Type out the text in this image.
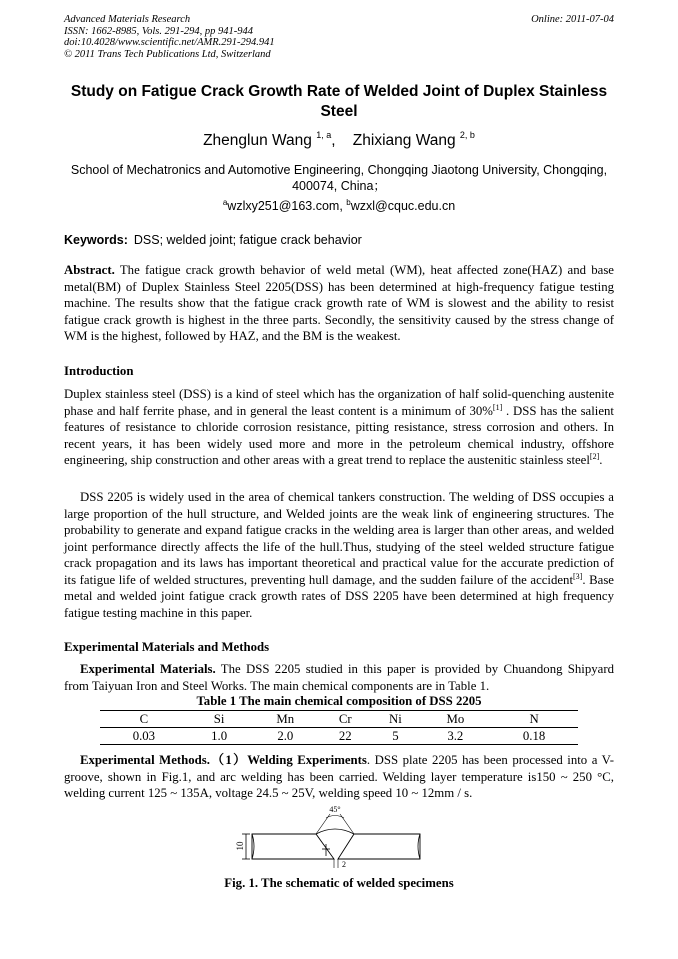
Advanced Materials Research
ISSN: 1662-8985, Vols. 291-294, pp 941-944
doi:10.4028/www.scientific.net/AMR.291-294.941
© 2011 Trans Tech Publications Ltd, Switzerland
Online: 2011-07-04
Study on Fatigue Crack Growth Rate of Welded Joint of Duplex Stainless Steel
Zhenglun Wang $^{1, a}$, Zhixiang Wang $^{2, b}$
School of Mechatronics and Automotive Engineering, Chongqing Jiaotong University, Chongqing, 400074, China；
$^a$wzlxy251@163.com, $^b$wzxl@cquc.edu.cn
Keywords: DSS; welded joint; fatigue crack behavior
Abstract. The fatigue crack growth behavior of weld metal (WM), heat affected zone(HAZ) and base metal(BM) of Duplex Stainless Steel 2205(DSS) has been determined at high-frequency fatigue testing machine. The results show that the fatigue crack growth rate of WM is slowest and the ability to resist fatigue crack growth is highest in the three parts. Secondly, the sensitivity caused by the stress change of WM is the highest, followed by HAZ, and the BM is the weakest.
Introduction
Duplex stainless steel (DSS) is a kind of steel which has the organization of half solid-quenching austenite phase and half ferrite phase, and in general the least content is a minimum of 30%[1] . DSS has the salient features of resistance to chloride corrosion resistance, pitting resistance, stress corrosion and others. In recent years, it has been widely used more and more in the petroleum chemical industry, offshore engineering, ship construction and other areas with a great trend to replace the austenitic stainless steel[2].
DSS 2205 is widely used in the area of chemical tankers construction. The welding of DSS occupies a large proportion of the hull structure, and Welded joints are the weak link of engineering structures. The probability to generate and expand fatigue cracks in the welding area is larger than other areas, and welded joint performance directly affects the life of the hull.Thus, studying of the steel welded structure fatigue crack propagation and its laws has important theoretical and practical value for the accurate prediction of its fatigue life of welded structures, preventing hull damage, and the sudden failure of the accident[3]. Base metal and welded joint fatigue crack growth rates of DSS 2205 have been determined at high frequency fatigue testing machine in this paper.
Experimental Materials and Methods
Experimental Materials. The DSS 2205 studied in this paper is provided by Chuandong Shipyard from Taiyuan Iron and Steel Works. The main chemical components are in Table 1.
Table 1 The main chemical composition of DSS 2205
C	Si	Mn	Cr	Ni	Mo	N
0.03	1.0	2.0	22	5	3.2	0.18
Experimental Methods.（1）Welding Experiments. DSS plate 2205 has been processed into a V-groove, shown in Fig.1, and arc welding has been carried. Welding layer temperature is150 ~ 250 °C, welding current 125 ~ 135A, voltage 24.5 ~ 25V, welding speed 10 ~ 12mm / s.
10
45°
2
Fig. 1. The schematic of welded specimens
